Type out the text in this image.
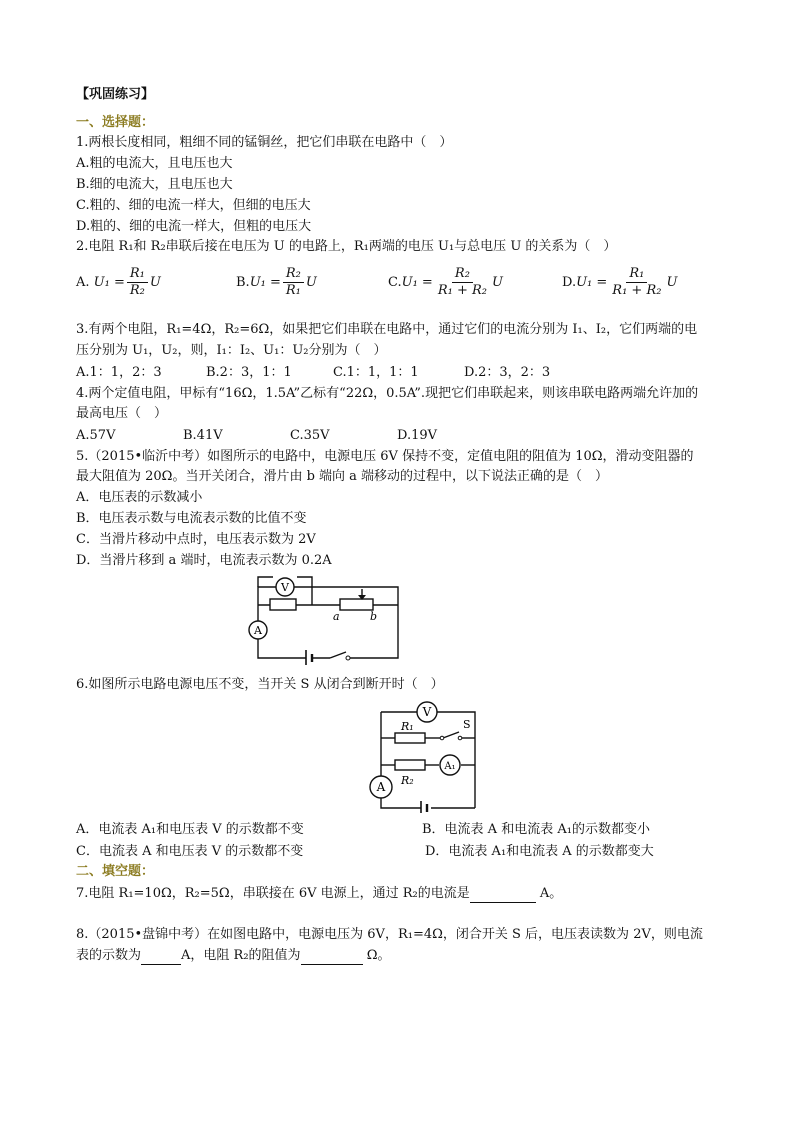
【巩固练习】
一、选择题：
1.两根长度相同，粗细不同的锰铜丝，把它们串联在电路中（　）
A.粗的电流大，且电压也大
B.细的电流大，且电压也大
C.粗的、细的电流一样大，但细的电压大
D.粗的、细的电流一样大，但粗的电压大
2.电阻 R₁和 R₂串联后接在电压为 U 的电路上，R₁两端的电压 U₁与总电压 U 的关系为（　）
A.
$U_1 = \frac{\text{R₁}}{\text{R₂}}$ U	B. $U_1 = \frac{\text{R₂}}{\text{R₁}}$ U	C. $U_1 = \frac{\text{R₂}}{\text{R₁ + R₂}}$ U	D. $U_1 = \frac{\text{R₁}}{\text{R₁ + R₂}}$ U
3.有两个电阻，R₁=4Ω，R₂=6Ω，如果把它们串联在电路中，通过它们的电流分别为 I₁、I₂，它们两端的电
压分别为 U₁，U₂，则，I₁：I₂、U₁：U₂分别为（　）
A.1：1，2：3	B.2：3，1：1	C.1：1，1：1	D.2：3，2：3
4.两个定值电阻，甲标有“16Ω，1.5A”乙标有“22Ω，0.5A”.现把它们串联起来，则该串联电路两端允许加的
最高电压（　）
A.57V	B.41V	C.35V	D.19V
5.（2015•临沂中考）如图所示的电路中，电源电压 6V 保持不变，定值电阻的阻值为 10Ω，滑动变阻器的
最大阻值为 20Ω。当开关闭合，滑片由 b 端向 a 端移动的过程中，以下说法正确的是（　）
A．电压表的示数减小
B．电压表示数与电流表示数的比值不变
C．当滑片移动中点时，电压表示数为 2V
D．当滑片移到 a 端时，电流表示数为 0.2A
V
A
a	b
6.如图所示电路电源电压不变，当开关 S 从闭合到断开时（　）
V
R₁	S
A₁
R₂
A
A．电流表 A₁和电压表 V 的示数都不变	B．电流表 A 和电流表 A₁的示数都变小
C．电流表 A 和电压表 V 的示数都不变	D．电流表 A₁和电流表 A 的示数都变大
二、填空题：
7.电阻 R₁=10Ω，R₂=5Ω，串联接在 6V 电源上，通过 R₂的电流是	A。
8.（2015•盘锦中考）在如图电路中，电源电压为 6V，R₁=4Ω，闭合开关 S 后，电压表读数为 2V，则电流
表的示数为	A，电阻 R₂的阻值为	Ω。
